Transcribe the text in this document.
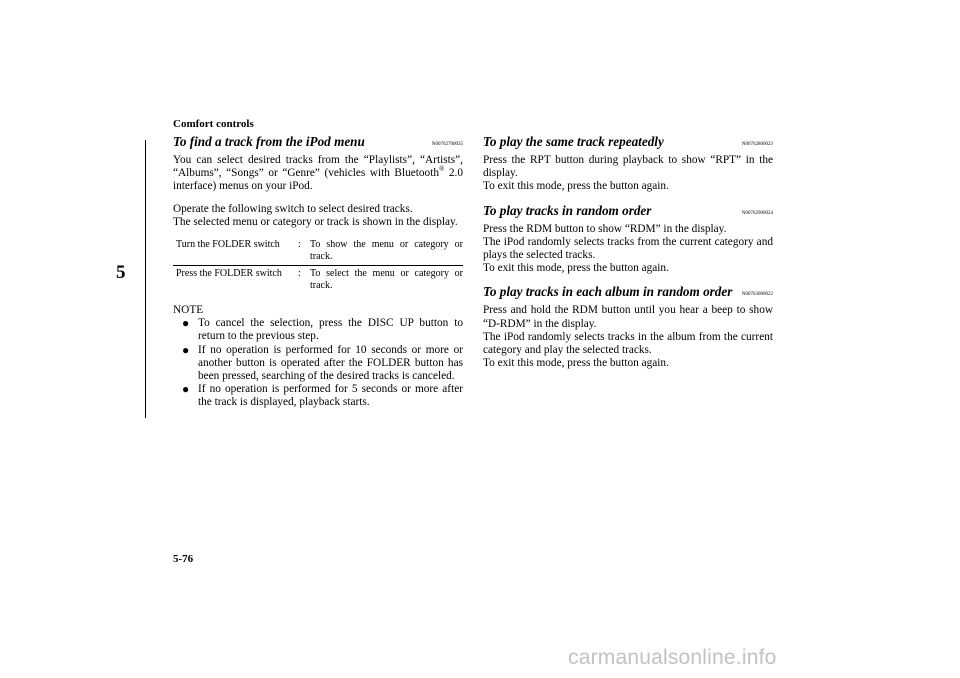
Comfort controls
5
To find a track from the iPod menu	N00762700035

You can select desired tracks from the “Playlists”, “Artists”, “Albums”, “Songs” or “Genre” (vehicles with Bluetooth® 2.0 interface) menus on your iPod.

Operate the following switch to select desired tracks.

The selected menu or category or track is shown in the display.

Turn the FOLDER switch	:	To show the menu or category or track.
Press the FOLDER switch	:	To select the menu or category or track.
NOTE
● To cancel the selection, press the DISC UP button to return to the previous step.
● If no operation is performed for 10 seconds or more or another button is operated after the FOLDER button has been pressed, searching of the desired tracks is canceled.
● If no operation is performed for 5 seconds or more after the track is displayed, playback starts.
To play the same track repeatedly	N00762800023

Press the RPT button during playback to show “RPT” in the display.

To exit this mode, press the button again.

To play tracks in random order	N00762900024

Press the RDM button to show “RDM” in the display.

The iPod randomly selects tracks from the current category and plays the selected tracks.

To exit this mode, press the button again.

To play tracks in each album in random order N00763000022

Press and hold the RDM button until you hear a beep to show “D-RDM” in the display.

The iPod randomly selects tracks in the album from the current category and play the selected tracks.

To exit this mode, press the button again.

5-76
carmanualsonline.info
